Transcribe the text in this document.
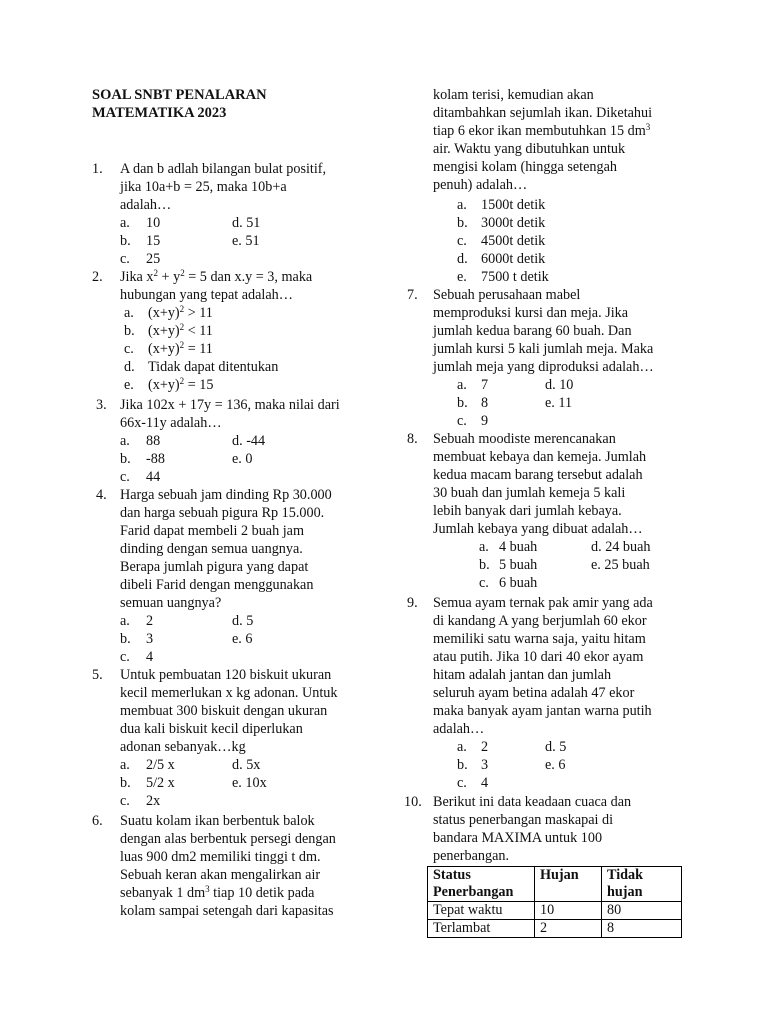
SOAL SNBT PENALARAN
MATEMATIKA 2023
1. A dan b adlah bilangan bulat positif,
jika 10a+b = 25, maka 10b+a
adalah…
a. 10	d. 51
b. 15	e. 51
c. 25
2. Jika $x^2 + y^2 = 5$ dan x.y = 3, maka
hubungan yang tepat adalah…
a. $(x+y)^2 > 11$
b. $(x+y)^2 < 11$
c. $(x+y)^2 = 11$
d. Tidak dapat ditentukan
e. $(x+y)^2 = 15$
3. Jika 102x + 17y = 136, maka nilai dari
66x-11y adalah…
a. 88	d. -44
b. -88	e. 0
c. 44
4. Harga sebuah jam dinding Rp 30.000
dan harga sebuah pigura Rp 15.000.
Farid dapat membeli 2 buah jam
dinding dengan semua uangnya.
Berapa jumlah pigura yang dapat
dibeli Farid dengan menggunakan
semuan uangnya?
a. 2	d. 5
b. 3	e. 6
c. 4
5. Untuk pembuatan 120 biskuit ukuran
kecil memerlukan x kg adonan. Untuk
membuat 300 biskuit dengan ukuran
dua kali biskuit kecil diperlukan
adonan sebanyak…kg
a. 2/5 x	d. 5x
b. 5/2 x	e. 10x
c. 2x
6. Suatu kolam ikan berbentuk balok
dengan alas berbentuk persegi dengan
luas 900 dm2 memiliki tinggi t dm.
Sebuah keran akan mengalirkan air
sebanyak 1 $dm^3$ tiap 10 detik pada
kolam sampai setengah dari kapasitas
kolam terisi, kemudian akan
ditambahkan sejumlah ikan. Diketahui
tiap 6 ekor ikan membutuhkan 15 $dm^3$
air. Waktu yang dibutuhkan untuk
mengisi kolam (hingga setengah
penuh) adalah…
a. 1500t detik
b. 3000t detik
c. 4500t detik
d. 6000t detik
e. 7500 t detik
7. Sebuah perusahaan mabel
memproduksi kursi dan meja. Jika
jumlah kedua barang 60 buah. Dan
jumlah kursi 5 kali jumlah meja. Maka
jumlah meja yang diproduksi adalah…
a. 7	d. 10
b. 8	e. 11
c. 9
8. Sebuah moodiste merencanakan
membuat kebaya dan kemeja. Jumlah
kedua macam barang tersebut adalah
30 buah dan jumlah kemeja 5 kali
lebih banyak dari jumlah kebaya.
Jumlah kebaya yang dibuat adalah…
a. 4 buah	d. 24 buah
b. 5 buah	e. 25 buah
c. 6 buah
9. Semua ayam ternak pak amir yang ada
di kandang A yang berjumlah 60 ekor
memiliki satu warna saja, yaitu hitam
atau putih. Jika 10 dari 40 ekor ayam
hitam adalah jantan dan jumlah
seluruh ayam betina adalah 47 ekor
maka banyak ayam jantan warna putih
adalah…
a. 2	d. 5
b. 3	e. 6
c. 4
10. Berikut ini data keadaan cuaca dan
status penerbangan maskapai di
bandara MAXIMA untuk 100
penerbangan.
Status Penerbangan	Hujan	Tidak hujan
Tepat waktu	10	80
Terlambat	2	8
